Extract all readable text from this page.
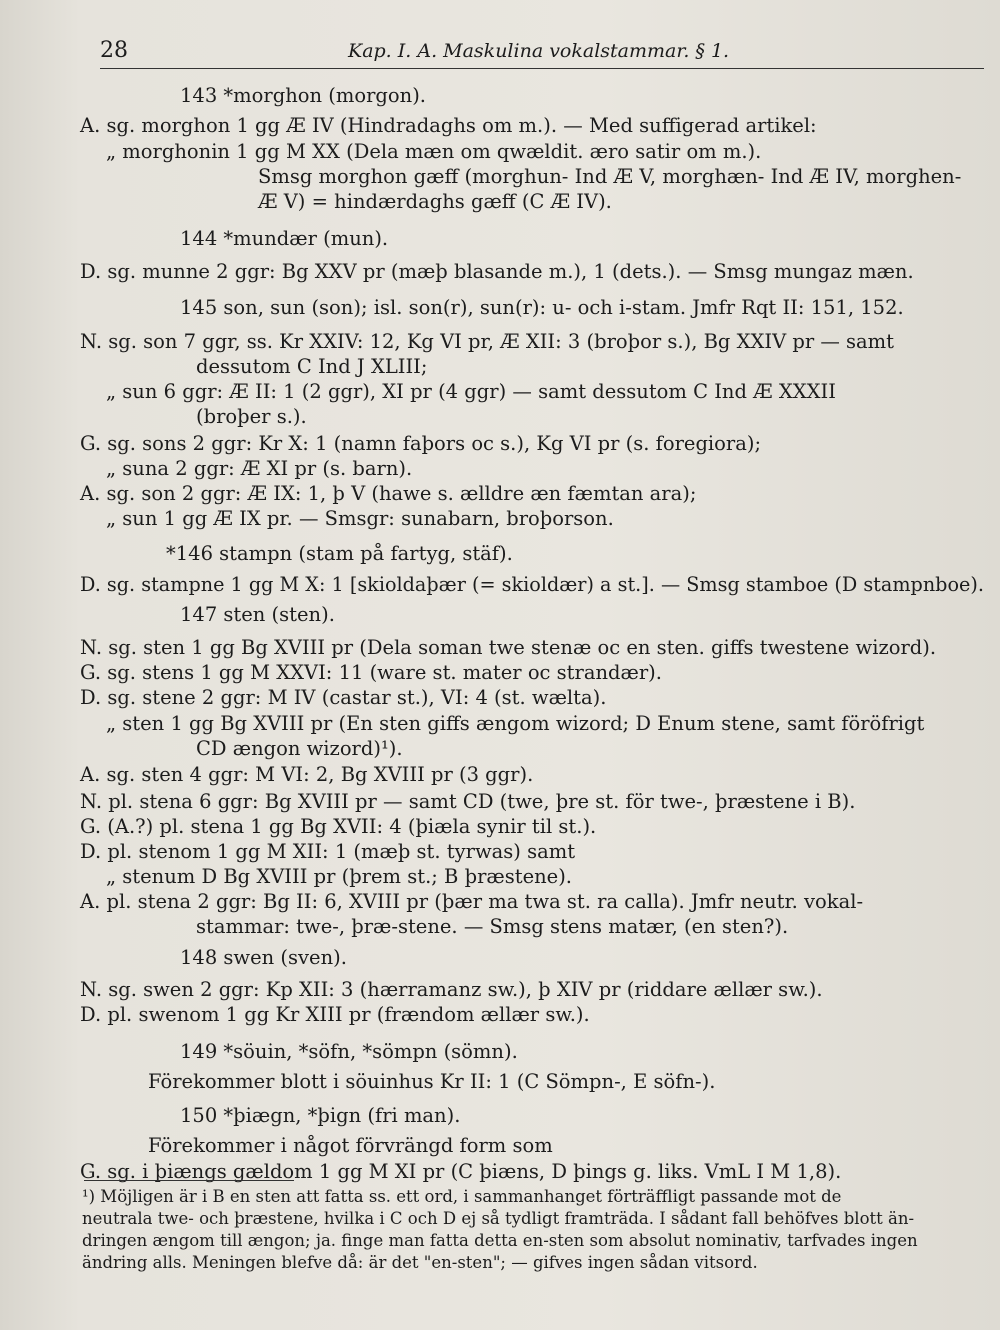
28	Kap. I. A. Maskulina vokalstammar. § 1.
143 *morghon (morgon).
A. sg. morghon 1 gg Æ IV (Hindradaghs om m.). — Med suffigerad artikel:
„ morghonin 1 gg M XX (Dela mæn om qwældit. æro satir om m.).
Smsg morghon gæff (morghun- Ind Æ V, morghæn- Ind Æ IV, morghen-
Æ V) = hindærdaghs gæff (C Æ IV).
144 *mundær (mun).
D. sg. munne 2 ggr: Bg XXV pr (mæþ blasande m.), 1 (dets.). — Smsg mungaz mæn.
145 son, sun (son); isl. son(r), sun(r): u- och i-stam. Jmfr Rqt II: 151, 152.
N. sg. son 7 ggr, ss. Kr XXIV: 12, Kg VI pr, Æ XII: 3 (broþor s.), Bg XXIV pr — samt
dessutom C Ind J XLIII;
„ sun 6 ggr: Æ II: 1 (2 ggr), XI pr (4 ggr) — samt dessutom C Ind Æ XXXII
(broþer s.).
G. sg. sons 2 ggr: Kr X: 1 (namn faþors oc s.), Kg VI pr (s. foregiora);
„ suna 2 ggr: Æ XI pr (s. barn).
A. sg. son 2 ggr: Æ IX: 1, þ V (hawe s. ælldre æn fæmtan ara);
„ sun 1 gg Æ IX pr. — Smsgr: sunabarn, broþorson.
*146 stampn (stam på fartyg, stäf).
D. sg. stampne 1 gg M X: 1 [skioldaþær (= skioldær) a st.]. — Smsg stamboe (D stampnboe).
147 sten (sten).
N. sg. sten 1 gg Bg XVIII pr (Dela soman twe stenæ oc en sten. giffs twestene wizord).
G. sg. stens 1 gg M XXVI: 11 (ware st. mater oc strandær).
D. sg. stene 2 ggr: M IV (castar st.), VI: 4 (st. wælta).
„ sten 1 gg Bg XVIII pr (En sten giffs ængom wizord; D Enum stene, samt föröfrigt
CD ængon wizord)¹).
A. sg. sten 4 ggr: M VI: 2, Bg XVIII pr (3 ggr).
N. pl. stena 6 ggr: Bg XVIII pr — samt CD (twe, þre st. för twe-, þræstene i B).
G. (A.?) pl. stena 1 gg Bg XVII: 4 (þiæla synir til st.).
D. pl. stenom 1 gg M XII: 1 (mæþ st. tyrwas) samt
„ stenum D Bg XVIII pr (þrem st.; B þræstene).
A. pl. stena 2 ggr: Bg II: 6, XVIII pr (þær ma twa st. ra calla). Jmfr neutr. vokal-
stammar: twe-, þræ-stene. — Smsg stens matær, (en sten?).
148 swen (sven).
N. sg. swen 2 ggr: Kp XII: 3 (hærramanz sw.), þ XIV pr (riddare ællær sw.).
D. pl. swenom 1 gg Kr XIII pr (frændom ællær sw.).
149 *söuin, *söfn, *sömpn (sömn).
Förekommer blott i söuinhus Kr II: 1 (C Sömpn-, E söfn-).
150 *þiægn, *þign (fri man).
Förekommer i något förvrängd form som
G. sg. i þiængs gældom 1 gg M XI pr (C þiæns, D þings g. liks. VmL I M 1,8).
¹) Möjligen är i B en sten att fatta ss. ett ord, i sammanhanget förträffligt passande mot de
neutrala twe- och þræstene, hvilka i C och D ej så tydligt framträda. I sådant fall behöfves blott än-
dringen ængom till ængon; ja. finge man fatta detta en-sten som absolut nominativ, tarfvades ingen
ändring alls. Meningen blefve då: är det "en-sten"; — gifves ingen sådan vitsord.
